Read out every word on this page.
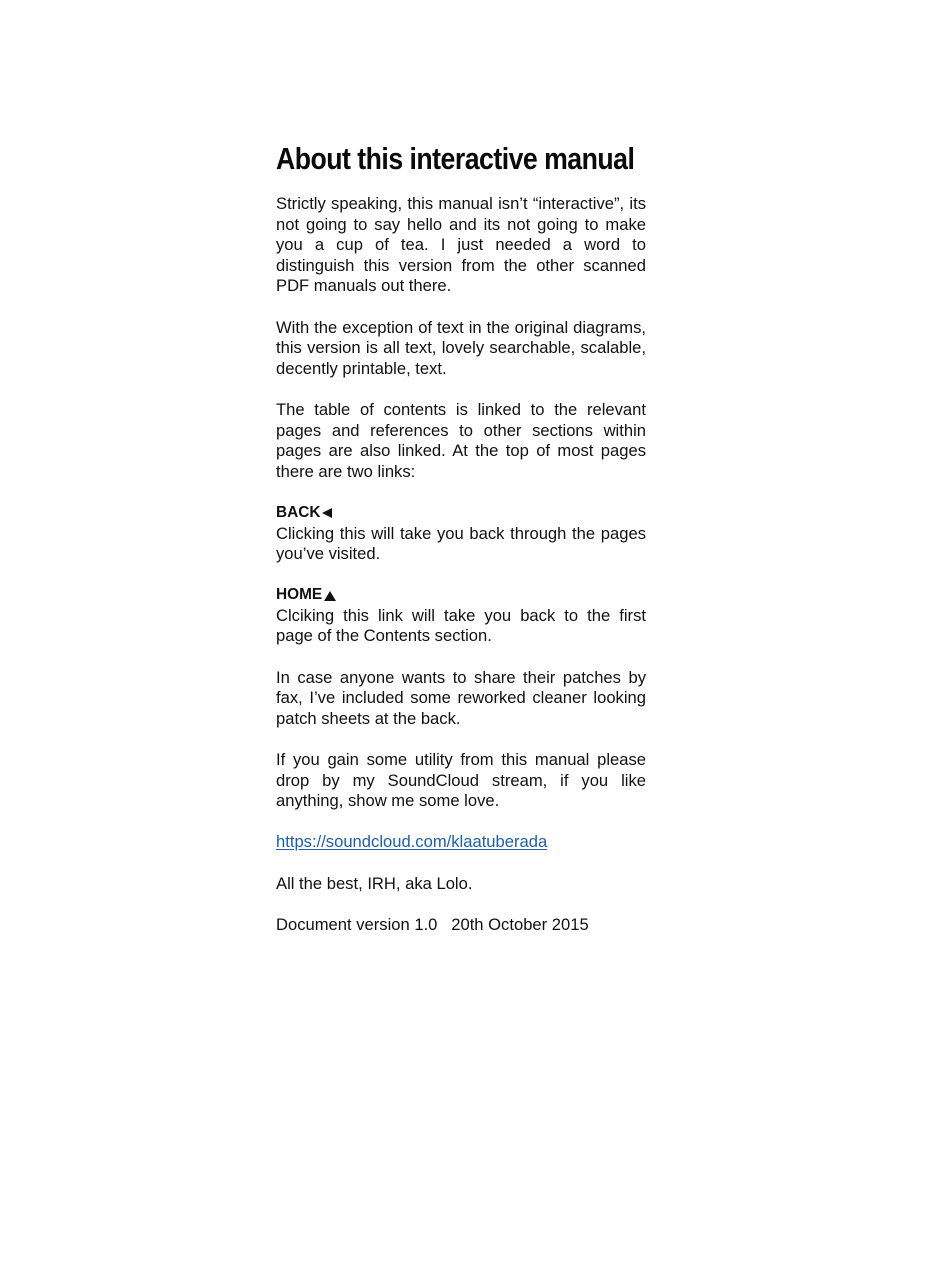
About this interactive manual

Strictly speaking, this manual isn’t “interactive”, its not going to say hello and its not going to make you a cup of tea. I just needed a word to distinguish this version from the other scanned PDF manuals out there.

With the exception of text in the original diagrams, this version is all text, lovely searchable, scalable, decently printable, text.

The table of contents is linked to the relevant pages and references to other sections within pages are also linked. At the top of most pages there are two links:

BACK

Clicking this will take you back through the pages you’ve visited.

HOME

Clciking this link will take you back to the first page of the Contents section.

In case anyone wants to share their patches by fax, I’ve included some reworked cleaner looking patch sheets at the back.

If you gain some utility from this manual please drop by my SoundCloud stream, if you like anything, show me some love.

https://soundcloud.com/klaatuberada

All the best, IRH, aka Lolo.

Document version 1.0   20th October 2015
